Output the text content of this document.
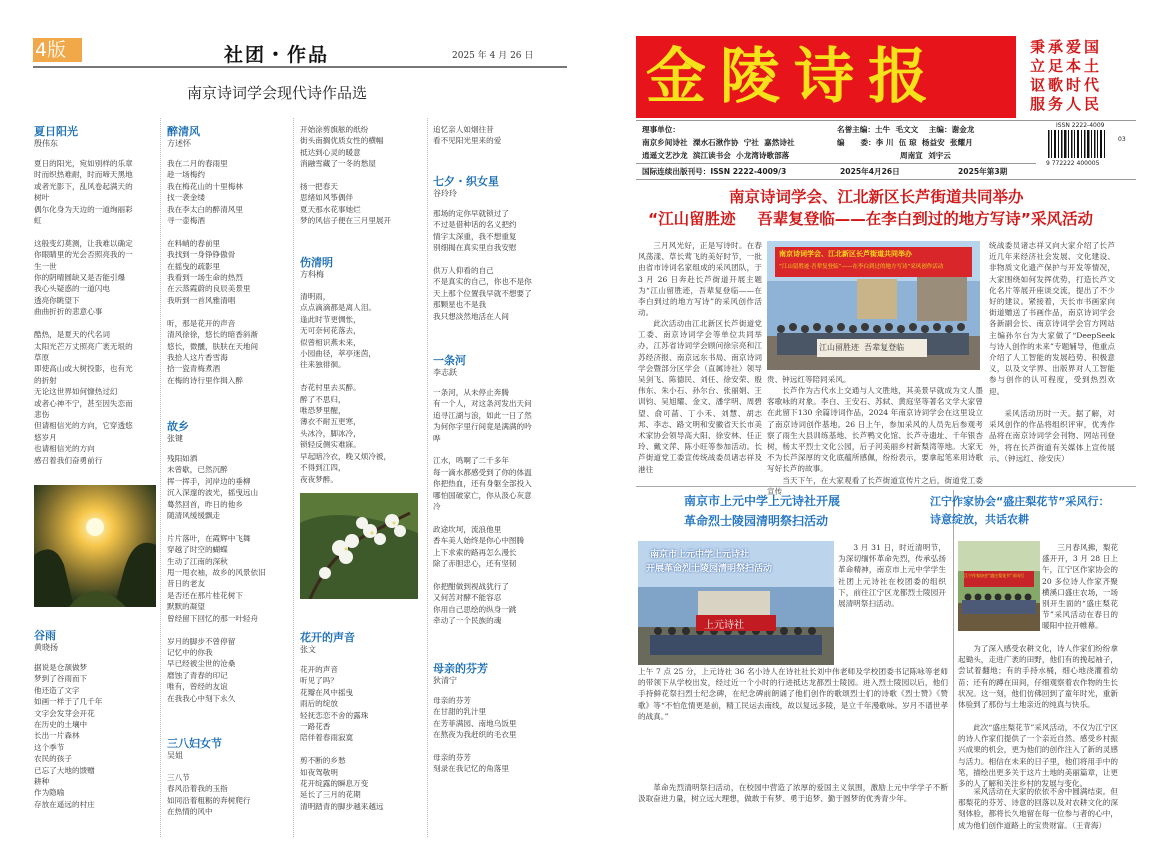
4版	社团・作品	2025 年 4 月 26 日
南京诗词学会现代诗作品选
夏日阳光
殷伟东
夏日的阳光，宛如别样的乐章
时而织热难耐，时而啼天黑地
或者光影下，乱风卷起满天的
树叶
偶尔化身为天边的一道绚丽彩
虹

这般变幻莫测，让我难以确定
你眼睛里的光会否照亮我的一
生一世
你的阴晴圆缺又是否能引爆
我心头疑惑的一道闪电
透亮你眺望下
曲曲折折的悲意心事

酷热，是夏天的代名词
太阳光芒万丈照亮广袤无垠的
草原
即使高山或大树投影，也有光
的折射
无论这世界如何慷热过幻
或者心神不宁，甚至因失恋而
悲伤
但请相信光的方向，它穿透悠
悠岁月
也请相信光的方向
感召着我们奋勇前行
谷雨
黄晓扬
据说是仓颉做梦
梦到了谷雨而下
他还造了文字
如画一样于了几千年
文字会发芽会开花
在历史的土壤中
长出一片森林
这个季节
农民的孩子
已忘了大地的馈赠
耕种
作为隐喻
存放在遥远的村庄
醉清风
方述怀
我在二月的春雨里
趁一场梅约
我在梅花山的十里梅林
找一袭金缕
我在李太白的醉清风里
寻一壶梅酒

在料峭的春前里
我找到一身铮铮傲骨
在摇曳的疏影里
我看到一场生命的热烈
在云蒸霞蔚的良辰美景里
我听到一首风雅清唱

听，那是花开的声音
清风徐徐，悠长的暗香斜渐
悠长，微醺，肤肤在天地间
我拾人这片香雪海
拾一瓷青梅煮酒
在梅的诗行里作揖入醉
故乡
张键
残阳如洒
未曾歇，已然沉醉
挥一挥手，河岸边的垂柳
沉入深邃的波光，摇曳远山
蓦然回首，昨日的他乡
随清风缓缓飘走

片片落叶，在霞辉中飞舞
穿越了时空的蝴蝶
生动了江南的深秋
甩一甩衣袖，故乡的风景依旧
昔日的老友
是否还在那片桂花树下
默默的凝望
曾经留下回忆的那一叶轻舟

岁月的脚步不曾停留
记忆中的你我
早已经被尘世的沧桑
磨蚀了青春的印记
唯有，曾经的友谊
在我我心中刻下永久
三八妇女节
吴姐
三八节
春风沿着我的玉指
如同沿着粗粝的奔树爬行
在热情的风中
开始涂剪旗舷的纸纷
街头南搁优质女性的横幅
抵达到心灵的暖意
消融雪藏了一冬的愁屋

扬一把春天
思绪如风筝偶伴
夏天那水花事她烂
梦的风信子便在三月里展开
伤清明
方科梅
清明雨，
点点滴滴都是离人泪。
逢此时节更惆怅，
无可奈何花落去，
似曾相识燕未来，
小园曲径，萃亭迷茵，
往来独徘徊。

杏花村里去买醉。
醉了不思归，
唯恐梦里醒，
薄衣不耐五更寒，
头冰冷，脚冰冷，
锁轻反侧实难寐。
早起暗冷衣，晚又烦冷被，
不得到江四，
夜夜梦醉。
花开的声音
张文
花开的声音
听见了吗？
花瓣在风中摇曳
雨后的绽放
轻抚恋恋不舍的露珠
一路花香
陪伴着春雨寂寞

剪不断的乡愁
如夜驾敬明
花开绽露的瞬息万变
延长了三月的花期
清明踏青的脚步越来越远
追忆亲人如烟往昔
看不见阳光里来的爱
七夕・织女星
谷玲玲
那场的定你早就锁过了
不过是借种话的名义把约
情字太深重，我不想重复
别细揭在真实里自我安慰

供万人仰看的自己
不是真实的自己，你也不是你
天上那个位置我早就不想要了
那颗星也不是我
我只想淡然地活在人间
一条河
李志跃
一条河，从未停止奔腾
有一个人，对这条河发出天问
追寻江湖与浪，如此一日了然
为何你字里行间竟是满满的吟
哗

江水，鸣啊了二千多年
每一滴水都感受到了你的体温
你把热血，还有身躯全部投入
哪怕国破家亡，你从汲心灰意
冷

政途坎坷，流浪他里
香车美人始终是你心中图腾
上下求索的路再怎么漫长
除了赤胆忠心，还有坚韧

你把酣做到视战犹行了
又何苦对酵不能容忍
你用自己思绘的纵身一跳
牵动了一个民族的魂
母亲的芬芳
狄清宁
母亲的芬芳
在甘甜的乳汁里
在芳菲满园、南地乌饭里
在熬夜为我赶织的毛衣里

母亲的芬芳
刻录在我记忆的角落里
金陵诗报	秉承爱国
立足本土
讴歌时代
服务人民
理事单位：
南京乡间诗社  溧水石湫作协  宁社  嘉然诗社
逍遥文艺沙龙  滨江读书会  小龙湾诗歌部落
名誉主编：土牛  毛文文    主编：谢金龙
编      委：李 川  伍 琼  杨益安  张耀月
周南宣  刘宇云
ISSN 2222-4009
9 772222 400005
03
国际连续出版刊号：ISSN 2222-4009/3	2025年4月26日	2025年第3期
南京诗词学会、江北新区长芦街道共同举办
“江山留胜迹    吾辈复登临——在李白到过的地方写诗”采风活动

三月风光好，正是写诗时。在春风荡漾、草长莺飞的美好时节，一批由省市诗词名家组成的采风团队，于 3 月 26 日奔赴长芦街道开展主题为“江山留胜迹，吾辈复登临——在李白到过的地方写诗”的采风创作活动。

此次活动由江北新区长芦街道党工委、南京诗词学会等单位共同举办，江苏省诗词学会顾问徐宗亮和江苏经济报、南京远东书局、南京诗词学会暨部分区学会（直属诗社）领导吴剑飞、陈德民、刘任、徐安荣、殷伟东、朱小石、孙尔台、张丽娟、王训钧、吴旭耀、金文、潘学明、周碧望、俞可菡、丁小禾、刘慧、胡志邦、李志、路文明和安徽省天长市美术家协会领导高大阳、徐安林、任正玲、戴文萍、陈小旺等参加活动。长芦街道党工委宣传统战委员诸志祥及港往

南京诗词学会、江北新区长芦街道共同举办
“江山留胜迹·吾辈复登临”——在李白到过的地方写诗”采风创作活动
江山留胜迹  吾辈复登临

贵、钟远红等陪同采风。

长芦作为古代水上交通与人文胜地，其美景早就成为文人墨客歌咏的对象。李白、王安石、苏轼、黄庭坚等著名文学大家曾在此留下130 余篇诗词作品，2024 年南京诗词学会在这里设立了南京诗词创作基地。26 日上午，参加采风的人员先后参观考察了雨生大县训练基地、长芦鸭文化馆、长芦寺遗址、千年银杏树，杨太平烈士文化公园，后子河美丽乡村新梨湾等地。大家无不为长芦深厚的文化底蕴所感佩，纷纷表示，要拿起笔来用诗歌写好长芦的故事。

当天下午，在大家观看了长芦街道宣传片之后，街道党工委宣传

统战委员诸志祥又向大家介绍了长芦近几年来经济社会发展、文化建设、非物质文化遗产保护与开发等情况，大家围绕如何发挥优势，打造长芦文化名片等展开座谈交流，提出了不少好的建议。紧接着，天长市书画家向街道赠送了书画作品，南京诗词学会各新副会长、南京诗词学会官方网站主编孙尔台为大家做了“DeepSeek 与诗人创作的未来”专题辅导，他重点介绍了人工智能的发展趋势、积极意义，以及文学界、出版界对人工智能参与创作的认可程度，受到热烈欢迎。

采风活动历时一天。据了解，对采风创作的作品将组织评审，优秀作品将在南京诗词学会刊物、网站刊登外，将在长芦街道有关媒体上宣传展示。（钟远红、徐安庆）

南京市上元中学上元诗社开展
革命烈士陵园清明祭扫活动
南京市上元中学上元诗社
开展革命烈士陵园清明祭扫活动
上元诗社

3 月 31 日，时近清明节，为深切缅怀革命先烈，传承弘扬革命精神，南京市上元中学学生社团上元诗社在校团委的组织下，前往江宁区龙都烈士陵园开展清明祭扫活动。

上午 7 点 25 分，上元诗社 36 名小诗人在诗社社长刘中伟老师及学校团委书记陈咏等老师的带领下从学校出发，经过近一个小时的行进抵达龙都烈士陵园。进入烈士陵园以后，他们手持鲜花祭扫烈士纪念碑，在纪念碑前朗诵了他们创作的歌颂烈士们的诗歌《烈士赞》《赞歌》等“不怕危情更是前，精工民运去南线，故以复远多陵，是立千年漫歌咏。岁月不谱世孝的战真。”

革命先烈清明祭扫活动，在校园中营造了浓厚的爱国主义氛围，激励上元中学学子不断汲取奋进力量，树立远大理想，做敢于有梦、勇于追梦、勤于圆梦的优秀青少年。

江宁作家协会“盛庄梨花节”采风行：
诗意绽放，共话农耕
江宁作家协会“盛庄梨花节”采风行

三月春风拂，梨花盛开开，3 月 28 日上午，江宁区作家协会的 20 多位诗人作家齐聚横溪口盛庄农场，一场别开生面的“盛庄梨花节”采风活动在春日的暖阳中拉开帷幕。

为了深入感受农耕文化，诗人作家们纷纷拿起锄头，走进广袤的田野，他们有的挽起袖子，尝试着翻地；有的手持水桶，细心地浇灌着幼苗；还有的蹲在田间，仔细观察着农作物的生长状况。这一刻，他们仿佛回到了童年时光，重新体验到了那份与土地亲近的纯真与快乐。

此次“盛庄梨花节”采风活动，不仅为江宁区的诗人作家们提供了一个亲近自然、感受乡村振兴成果的机会，更为他们的创作注入了新的灵感与活力。相信在未来的日子里，他们将用手中的笔，描绘出更多关于这片土地的美丽篇章，让更多的人了解和关注乡村的发展与变化。

采风活动在大家的依依不舍中圆满结束。但那梨花的芬芳、诗意的回落以及对农耕文化的深刻体验，都将长久地留在每一位参与者的心中，成为他们创作道路上的宝贵财富。（王青海）
